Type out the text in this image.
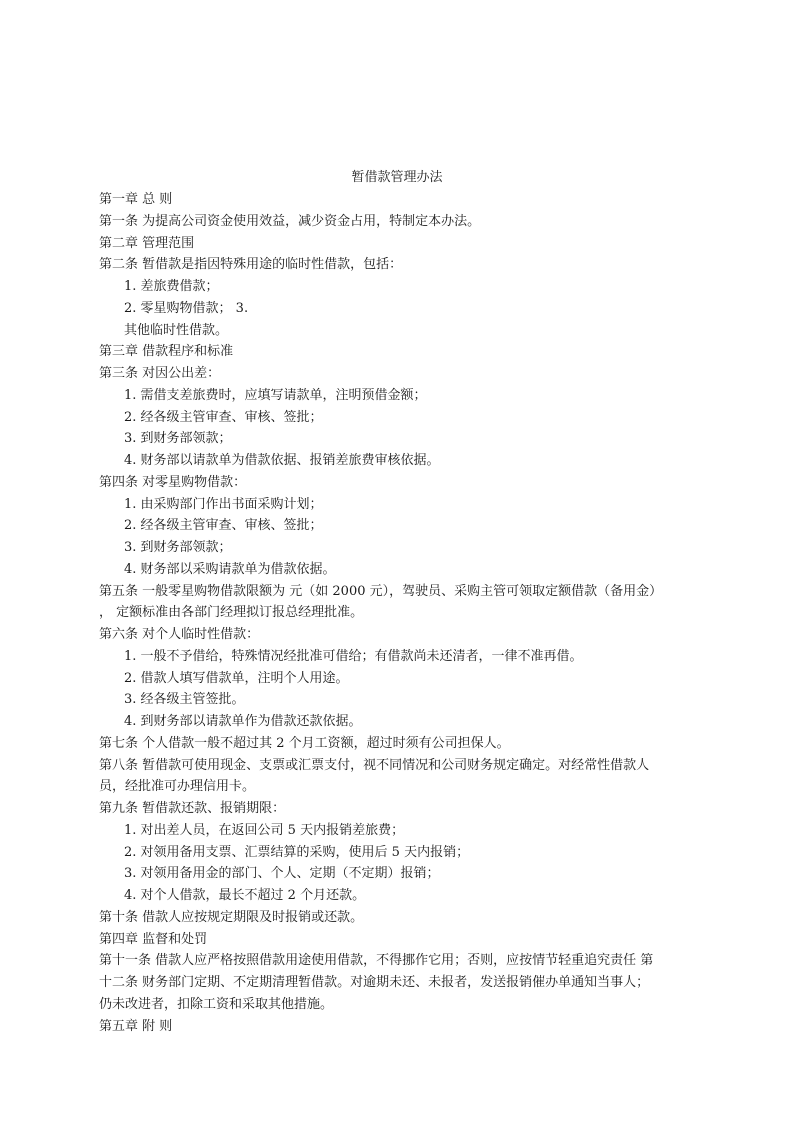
暂借款管理办法
第一章 总 则
第一条 为提高公司资金使用效益，减少资金占用，特制定本办法。
第二章 管理范围
第二条 暂借款是指因特殊用途的临时性借款，包括：
1. 差旅费借款；
2. 零星购物借款； 3.
其他临时性借款。
第三章 借款程序和标准
第三条 对因公出差：
1. 需借支差旅费时，应填写请款单，注明预借金额；
2. 经各级主管审查、审核、签批；
3. 到财务部领款；
4. 财务部以请款单为借款依据、报销差旅费审核依据。
第四条 对零星购物借款：
1. 由采购部门作出书面采购计划；
2. 经各级主管审查、审核、签批；
3. 到财务部领款；
4. 财务部以采购请款单为借款依据。
第五条 一般零星购物借款限额为 元（如 2000 元），驾驶员、采购主管可领取定额借款（备用金）
， 定额标准由各部门经理拟订报总经理批准。
第六条 对个人临时性借款：
1. 一般不予借给，特殊情况经批准可借给；有借款尚未还清者，一律不准再借。
2. 借款人填写借款单，注明个人用途。
3. 经各级主管签批。
4. 到财务部以请款单作为借款还款依据。
第七条 个人借款一般不超过其 2 个月工资额，超过时须有公司担保人。
第八条 暂借款可使用现金、支票或汇票支付，视不同情况和公司财务规定确定。对经常性借款人
员，经批准可办理信用卡。
第九条 暂借款还款、报销期限：
1. 对出差人员，在返回公司 5 天内报销差旅费；
2. 对领用备用支票、汇票结算的采购，使用后 5 天内报销；
3. 对领用备用金的部门、个人、定期（不定期）报销；
4. 对个人借款，最长不超过 2 个月还款。
第十条 借款人应按规定期限及时报销或还款。
第四章 监督和处罚
第十一条 借款人应严格按照借款用途使用借款，不得挪作它用；否则，应按情节轻重追究责任 第
十二条 财务部门定期、不定期清理暂借款。对逾期未还、未报者，发送报销催办单通知当事人；
仍未改进者，扣除工资和采取其他措施。
第五章 附 则
